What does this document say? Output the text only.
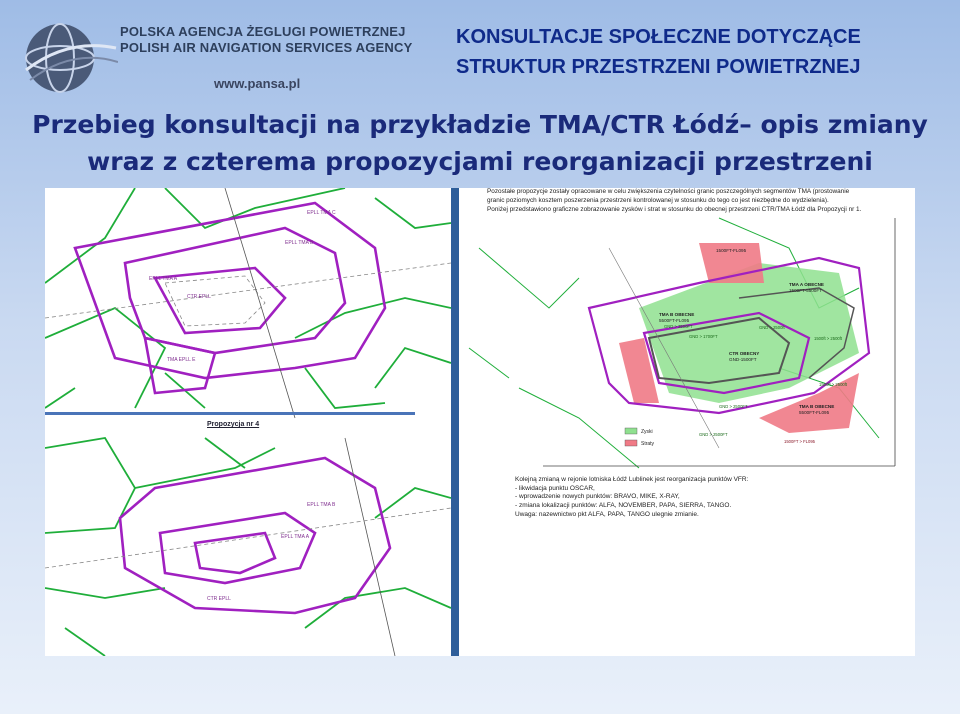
POLSKA AGENCJA ŻEGLUGI POWIETRZNEJ
POLISH AIR NAVIGATION SERVICES AGENCY
www.pansa.pl
KONSULTACJE SPOŁECZNE DOTYCZĄCE
STRUKTUR PRZESTRZENI POWIETRZNEJ
Przebieg konsultacji na przykładzie TMA/CTR Łódź– opis zmiany
wraz z czterema propozycjami reorganizacji przestrzeni
EPLL TMA C
EPLL TMA B
EPLL TMA A
CTR EPLL
TMA EPLL E
EPLL TMA B
EPLL TMA A
CTR EPLL
Propozycja nr 4
Pozostałe propozycje zostały opracowane w celu zwiększenia czytelności granic poszczególnych segmentów TMA (prostowanie
granic poziomych kosztem poszerzenia przestrzeni kontrolowanej w stosunku do tego co jest niezbędne do wydzielenia).
Poniżej przedstawiono graficzne zobrazowanie zysków i strat w stosunku do obecnej przestrzeni CTR/TMA Łódź dla Propozycji nr 1.
1500FT-FL095
TMA A OBECNE
1500FT-5500FT
TMA B OBECNE
5500FT-FL095
CTR OBECNY
GND-1500FT
TMA B OBECNE
5500FT-FL095
GND > 3500FT	GND > 2500ft
GND > 1700FT
GND > 2500FT
GND > 2500FT
1500ft > 2500ft
1500ft > 2500ft
1500FT > FL095
Zyski
Straty
Kolejną zmianą w rejonie lotniska Łódź Lublinek jest reorganizacja punktów VFR:
- likwidacja punktu OSCAR,
- wprowadzenie nowych punktów: BRAVO, MIKE, X-RAY,
- zmiana lokalizacji punktów: ALFA, NOVEMBER, PAPA, SIERRA, TANGO.
Uwaga: nazewnictwo pkt ALFA, PAPA, TANGO ulegnie zmianie.
